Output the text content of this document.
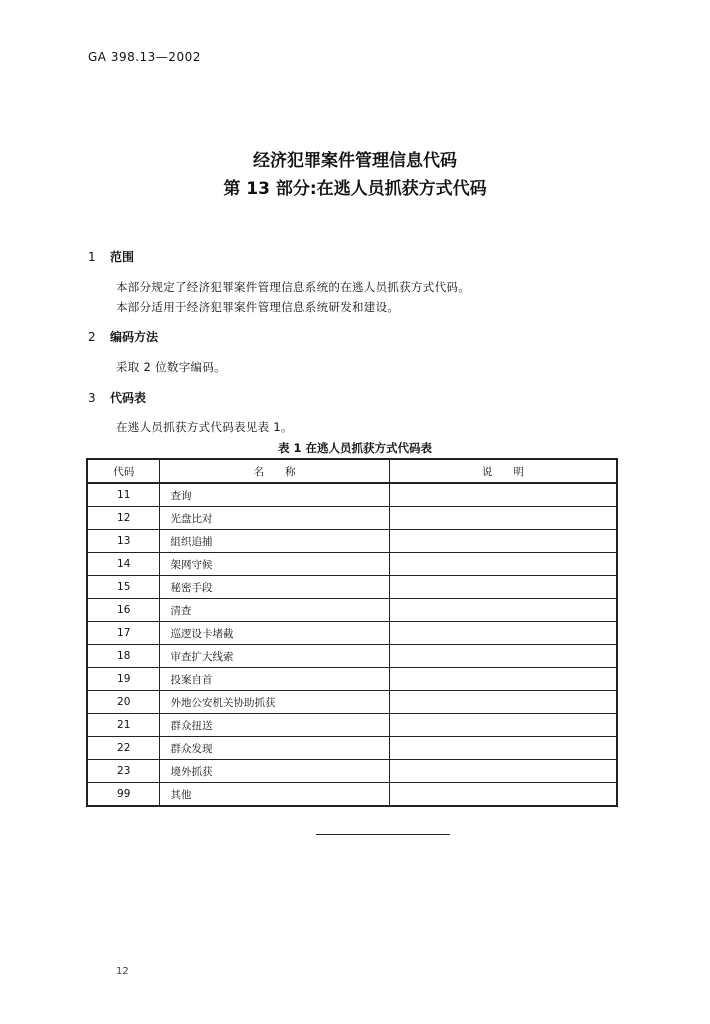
GA 398.13—2002
经济犯罪案件管理信息代码
第 13 部分:在逃人员抓获方式代码
1 范围
本部分规定了经济犯罪案件管理信息系统的在逃人员抓获方式代码。
本部分适用于经济犯罪案件管理信息系统研发和建设。
2 编码方法
采取 2 位数字编码。
3 代码表
在逃人员抓获方式代码表见表 1。
表 1 在逃人员抓获方式代码表
代码	名　　称	说　　明
11	查询	
12	光盘比对	
13	組织追捕	
14	架网守候	
15	秘密手段	
16	清查	
17	巡逻设卡堵截	
18	审查扩大线索	
19	投案自首	
20	外地公安机关协助抓获	
21	群众扭送	
22	群众发现	
23	境外抓获	
99	其他	
12
